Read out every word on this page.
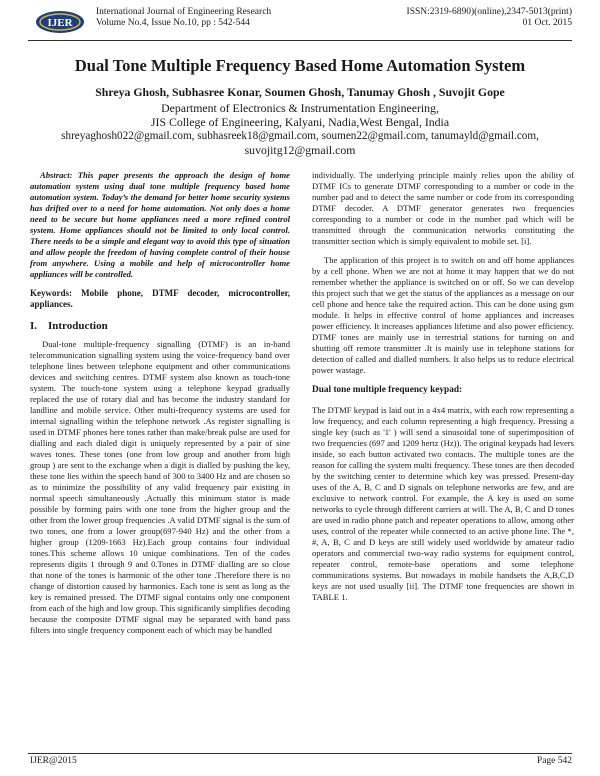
IJER
International Journal of Engineering Research
Volume No.4, Issue No.10, pp : 542-544
ISSN:2319-6890)(online),2347-5013(print)
01 Oct. 2015
Dual Tone Multiple Frequency Based Home Automation System
Shreya Ghosh, Subhasree Konar, Soumen Ghosh, Tanumay Ghosh , Suvojit Gope
Department of Electronics & Instrumentation Engineering,
JIS College of Engineering, Kalyani, Nadia,West Bengal, India
shreyaghosh022@gmail.com, subhasreek18@gmail.com, soumen22@gmail.com, tanumayld@gmail.com,
suvojitg12@gmail.com

Abstract: This paper presents the approach the design of home automation system using dual tone multiple frequency based home automation system. Today’s the demand for better home security systems has drifted over to a need for home automation. Not only does a home need to be secure but home appliances need a more refined control system. Home appliances should not be limited to only local control. There needs to be a simple and elegant way to avoid this type of situation and allow people the freedom of having complete control of their house from anywhere. Using a mobile and help of microcontroller home appliances will be controlled.

Keywords: Mobile phone, DTMF decoder, microcontroller, appliances.

I. Introduction

Dual-tone multiple-frequency signalling (DTMF) is an in-band telecommunication signalling system using the voice-frequency band over telephone lines between telephone equipment and other communications devices and switching centres. DTMF system also known as touch-tone system. The touch-tone system using a telephone keypad gradually replaced the use of rotary dial and has become the industry standard for landline and mobile service. Other multi-frequency systems are used for internal signalling within the telephone network .As register signalling is used in DTMF phones here tones rather than make/break pulse are used for dialling and each dialed digit is uniquely represented by a pair of sine waves tones. These tones (one from low group and another from high group ) are sent to the exchange when a digit is dialled by pushing the key, these tone lies within the speech band of 300 to 3400 Hz and are chosen so as to minimize the possibility of any valid frequency pair existing in normal speech simultaneously .Actually this minimum stator is made possible by forming pairs with one tone from the higher group and the other from the lower group frequencies .A valid DTMF signal is the sum of two tones, one from a lower group(697-940 Hz) and the other from a higher group (1209-1663 Hz).Each group contains four individual tones.This scheme allows 10 unique combinations. Ten of the codes represents digits 1 through 9 and 0.Tones in DTMF dialling are so close that none of the tones is harmonic of the other tone .Therefore there is no change of distortion caused by harmonics. Each tone is sent as long as the key is remained pressed. The DTMF signal contains only one component from each of the high and low group. This significantly simplifies decoding because the composite DTMF signal may be separated with band pass filters into single frequency component each of which may be handled

individually. The underlying principle mainly relies upon the ability of DTMF ICs to generate DTMF corresponding to a number or code in the number pad and to detect the same number or code from its corresponding DTMF decoder. A DTMF generator generates two frequencies corresponding to a number or code in the number pad which will be transmitted through the communication networks constituting the transmitter section which is simply equivalent to mobile set. [i].

The application of this project is to switch on and off home appliances by a cell phone. When we are not at home it may happen that we do not remember whether the appliance is switched on or off. So we can develop this project such that we get the status of the appliances as a message on our cell phone and hence take the required action. This can be done using gsm module. It helps in effective control of home appliances and increases power efficiency. It increases appliances lifetime and also power efficiency. DTMF tones are mainly use in terrestrial stations for turning on and shutting off remote transmitter .It is mainly use in telephone stations for detection of called and dialled numbers. It also helps us to reduce electrical power wastage.

Dual tone multiple frequency keypad:

The DTMF keypad is laid out in a 4x4 matrix, with each row representing a low frequency, and each column representing a high frequency. Pressing a single key (such as '1' ) will send a sinusoidal tone of superimposition of two frequencies (697 and 1209 hertz (Hz)). The original keypads had levers inside, so each button activated two contacts. The multiple tones are the reason for calling the system multi frequency. These tones are then decoded by the switching center to determine which key was pressed. Present-day uses of the A, B, C and D signals on telephone networks are few, and are exclusive to network control. For example, the A key is used on some networks to cycle through different carriers at will. The A, B, C and D tones are used in radio phone patch and repeater operations to allow, among other uses, control of the repeater while connected to an active phone line. The *, #, A, B, C and D keys are still widely used worldwide by amateur radio operators and commercial two-way radio systems for equipment control, repeater control, remote-base operations and some telephone communications systems. But nowadays in mobile handsets the A,B,C,D keys are not used usually [ii]. The DTMF tone frequencies are shown in TABLE 1.

IJER@2015	Page 542
